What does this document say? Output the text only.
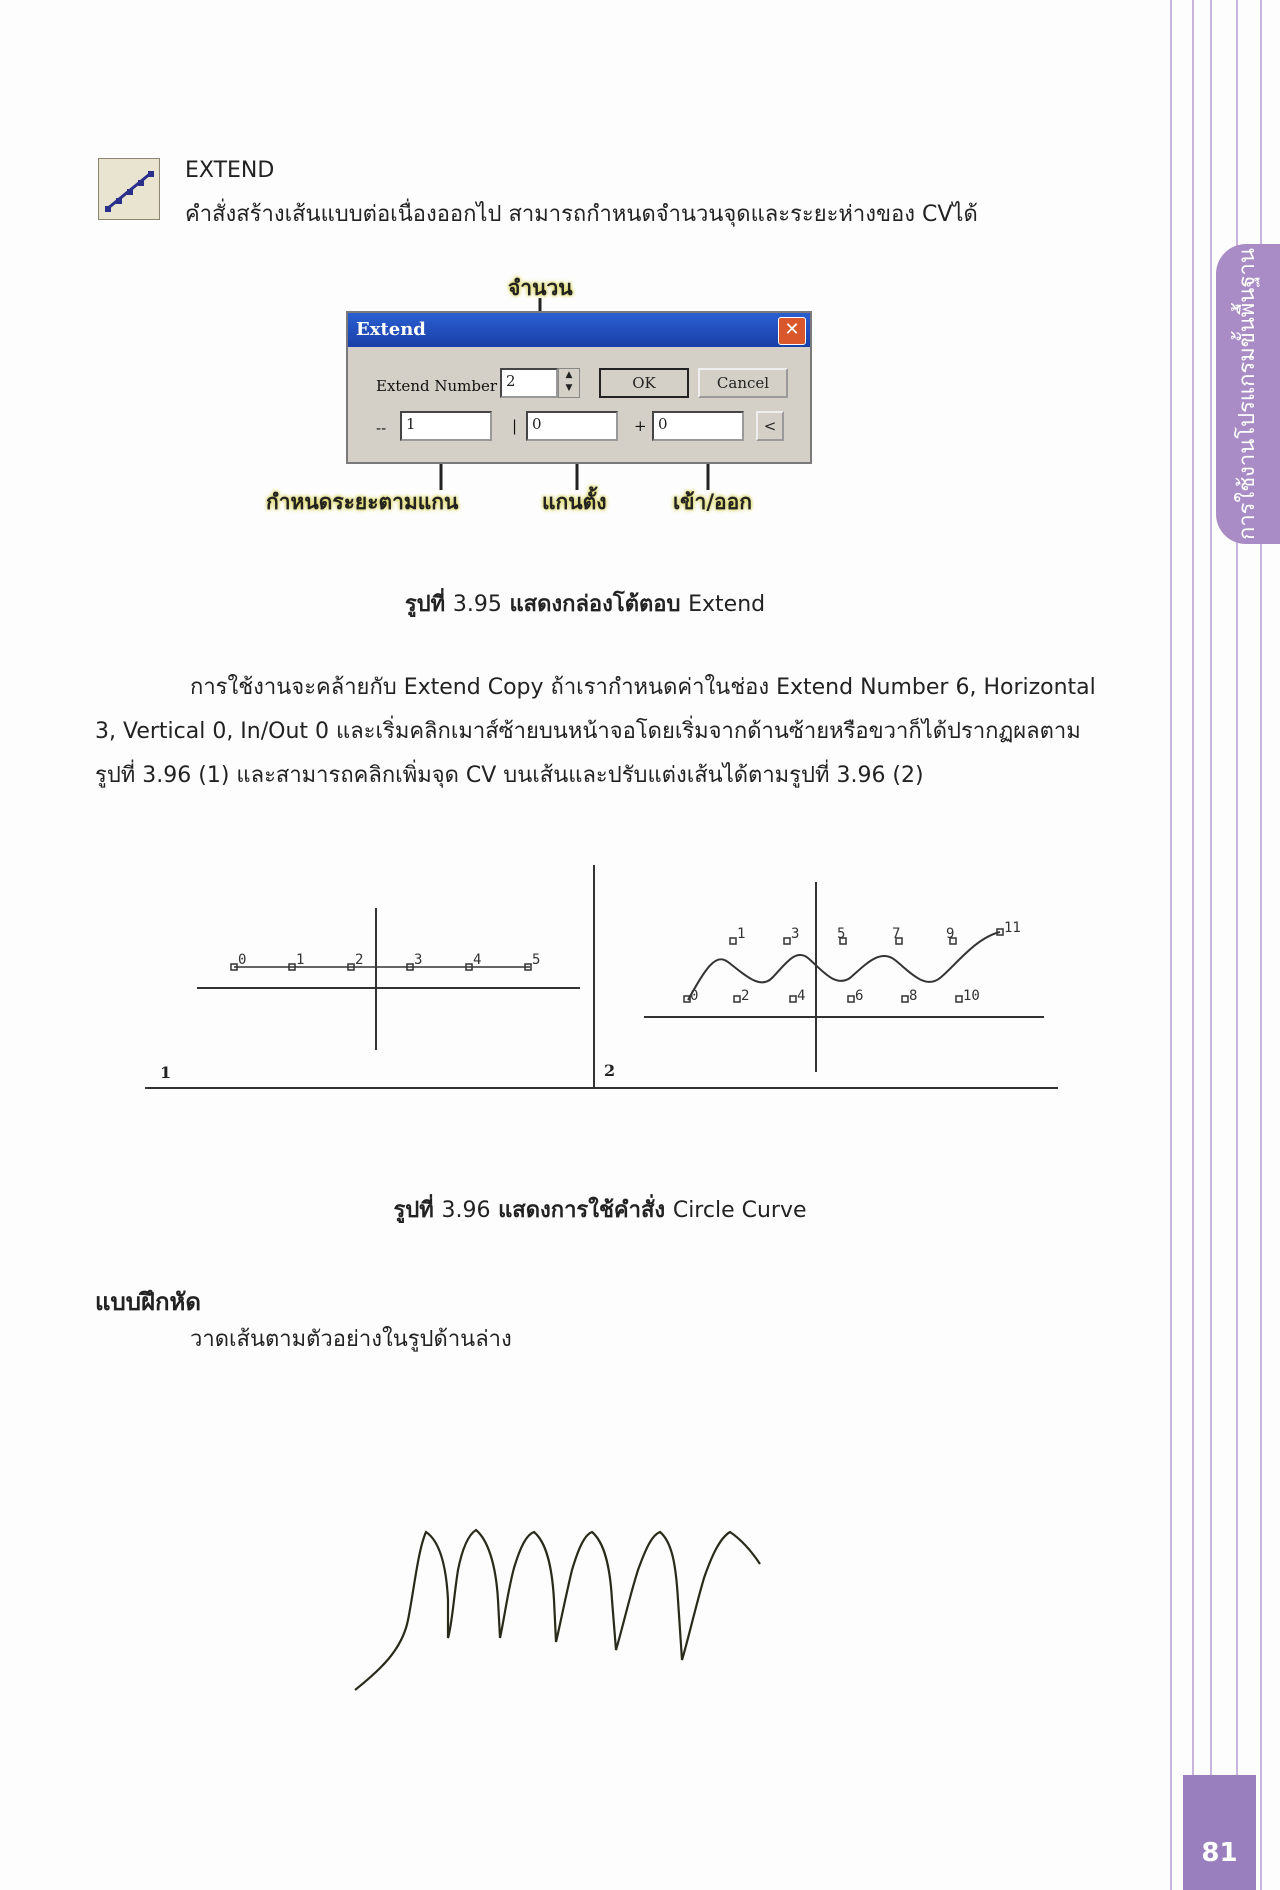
การใช้งานโปรแกรมขั้นพื้นฐาน
81
EXTEND
คำสั่งสร้างเส้นแบบต่อเนื่องออกไป สามารถกำหนดจำนวนจุดและระยะห่างของ CVได้
จำนวน
Extend	✕
Extend Number 2	▲
▼	OK	Cancel
--	1	| 0	+ 0	<
กำหนดระยะตามแกน	แกนตั้ง	เข้า/ออก
รูปที่ 3.95 แสดงกล่องโต้ตอบ Extend
การใช้งานจะคล้ายกับ Extend Copy ถ้าเรากำหนดค่าในช่อง Extend Number 6, Horizontal
3, Vertical 0, In/Out 0 และเริ่มคลิกเมาส์ซ้ายบนหน้าจอโดยเริ่มจากด้านซ้ายหรือขวาก็ได้ปรากฏผลตาม
รูปที่ 3.96 (1) และสามารถคลิกเพิ่มจุด CV บนเส้นและปรับแต่งเส้นได้ตามรูปที่ 3.96 (2)
1	2
0	1	2	3	4	5
1	3	5	7	9	11
0	2	4	6	8	10
รูปที่ 3.96 แสดงการใช้คำสั่ง Circle Curve
แบบฝึกหัด
วาดเส้นตามตัวอย่างในรูปด้านล่าง
